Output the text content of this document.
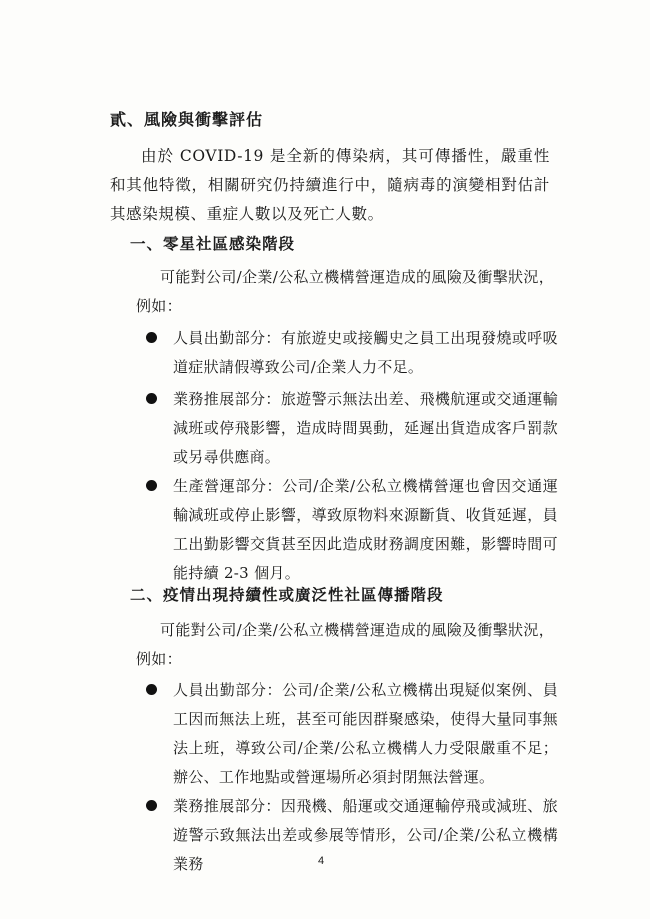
貳、風險與衝擊評估
由於 COVID-19 是全新的傳染病，其可傳播性，嚴重性和其他特徵，相關研究仍持續進行中，隨病毒的演變相對估計其感染規模、重症人數以及死亡人數。
一、零星社區感染階段
可能對公司/企業/公私立機構營運造成的風險及衝擊狀況，例如：
人員出勤部分：有旅遊史或接觸史之員工出現發燒或呼吸道症狀請假導致公司/企業人力不足。
業務推展部分：旅遊警示無法出差、飛機航運或交通運輸減班或停飛影響，造成時間異動，延遲出貨造成客戶罰款或另尋供應商。
生產營運部分：公司/企業/公私立機構營運也會因交通運輸減班或停止影響，導致原物料來源斷貨、收貨延遲，員工出勤影響交貨甚至因此造成財務調度困難，影響時間可能持續 2-3 個月。
二、疫情出現持續性或廣泛性社區傳播階段
可能對公司/企業/公私立機構營運造成的風險及衝擊狀況，例如：
人員出勤部分：公司/企業/公私立機構出現疑似案例、員工因而無法上班，甚至可能因群聚感染，使得大量同事無法上班，導致公司/企業/公私立機構人力受限嚴重不足；辦公、工作地點或營運場所必須封閉無法營運。
業務推展部分：因飛機、船運或交通運輸停飛或減班、旅遊警示致無法出差或參展等情形，公司/企業/公私立機構業務	4
